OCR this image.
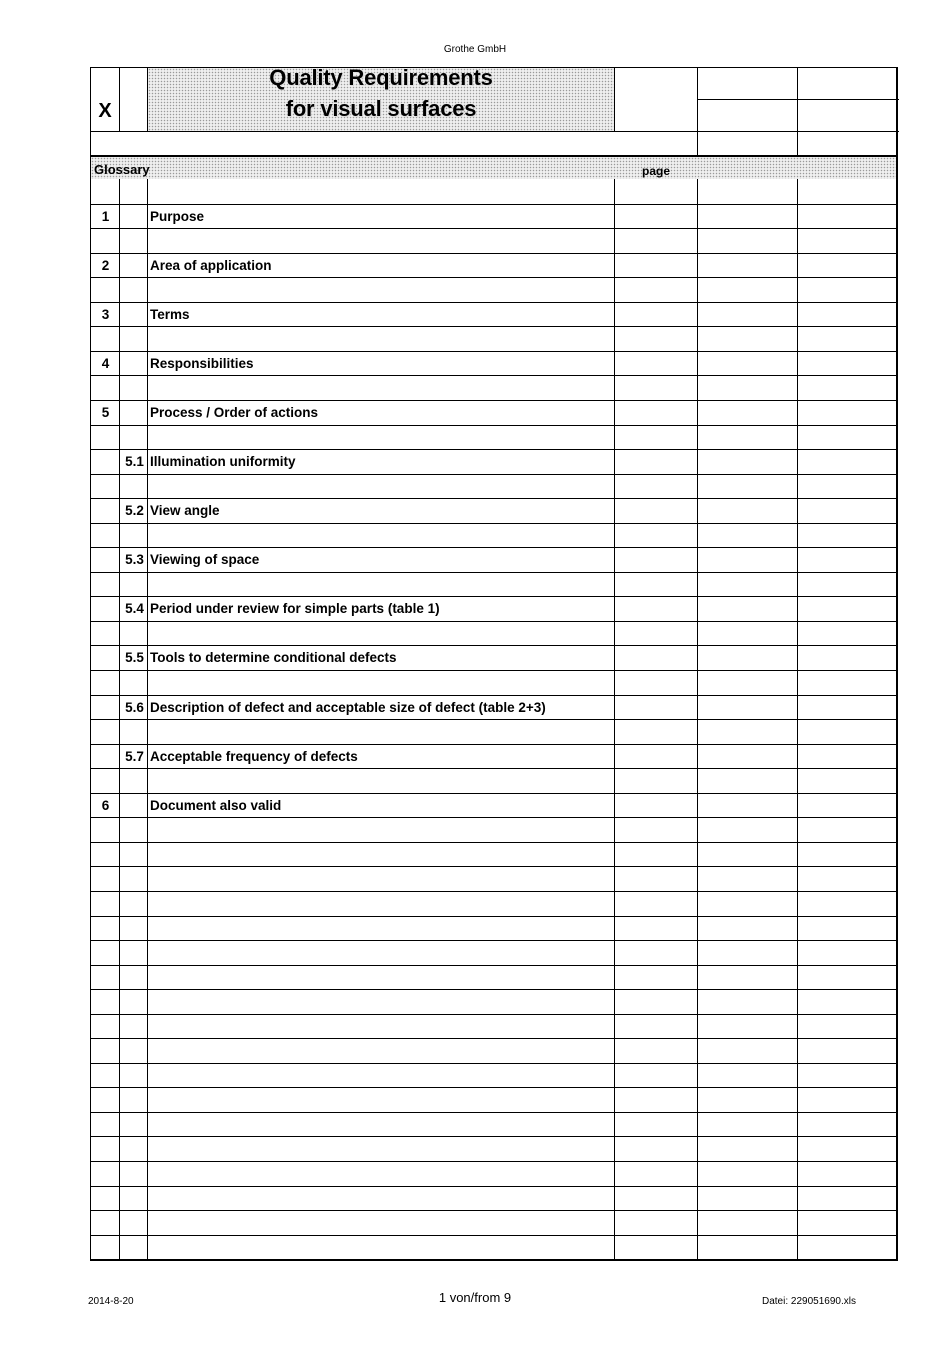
Grothe GmbH
Quality Requirements
for visual surfaces
X
Glossary	page
1	Purpose
2	Area of application
3	Terms
4	Responsibilities
5	Process / Order of actions
5.1 Illumination uniformity
5.2 View angle
5.3 Viewing of space
5.4 Period under review for simple parts (table 1)
5.5 Tools to determine conditional defects
5.6 Description of defect and acceptable size of defect (table 2+3)
5.7 Acceptable frequency of defects
6	Document also valid
2014-8-20	1 von/from 9	Datei: 229051690.xls
